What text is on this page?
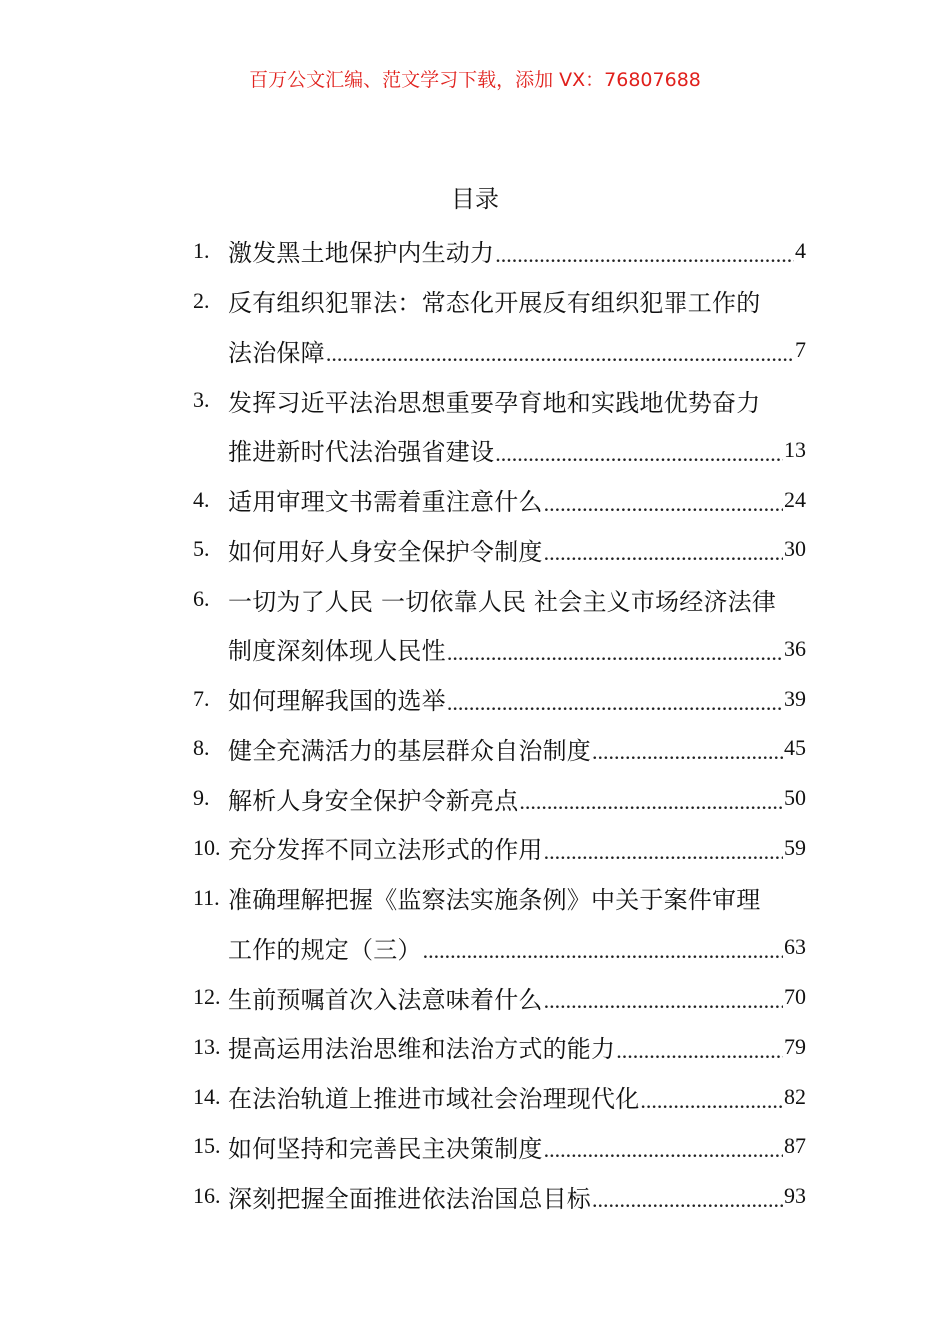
百万公文汇编、范文学习下载，添加 VX：76807688
目录
1. 激发黑土地保护内生动力 .....	4
2. 反有组织犯罪法：常态化开展反有组织犯罪工作的
法治保障 .....	7
3. 发挥习近平法治思想重要孕育地和实践地优势奋力
推进新时代法治强省建设 .....	13
4. 适用审理文书需着重注意什么 .....	24
5. 如何用好人身安全保护令制度 .....	30
6. 一切为了人民 一切依靠人民 社会主义市场经济法律
制度深刻体现人民性 .....	36
7. 如何理解我国的选举 .....	39
8. 健全充满活力的基层群众自治制度 .....	45
9. 解析人身安全保护令新亮点 .....	50
10. 充分发挥不同立法形式的作用 .....	59
11. 准确理解把握《监察法实施条例》中关于案件审理
工作的规定（三） .....	63
12. 生前预嘱首次入法意味着什么 .....	70
13. 提高运用法治思维和法治方式的能力 .....	79
14. 在法治轨道上推进市域社会治理现代化 .....	82
15. 如何坚持和完善民主决策制度 .....	87
16. 深刻把握全面推进依法治国总目标 .....	93
